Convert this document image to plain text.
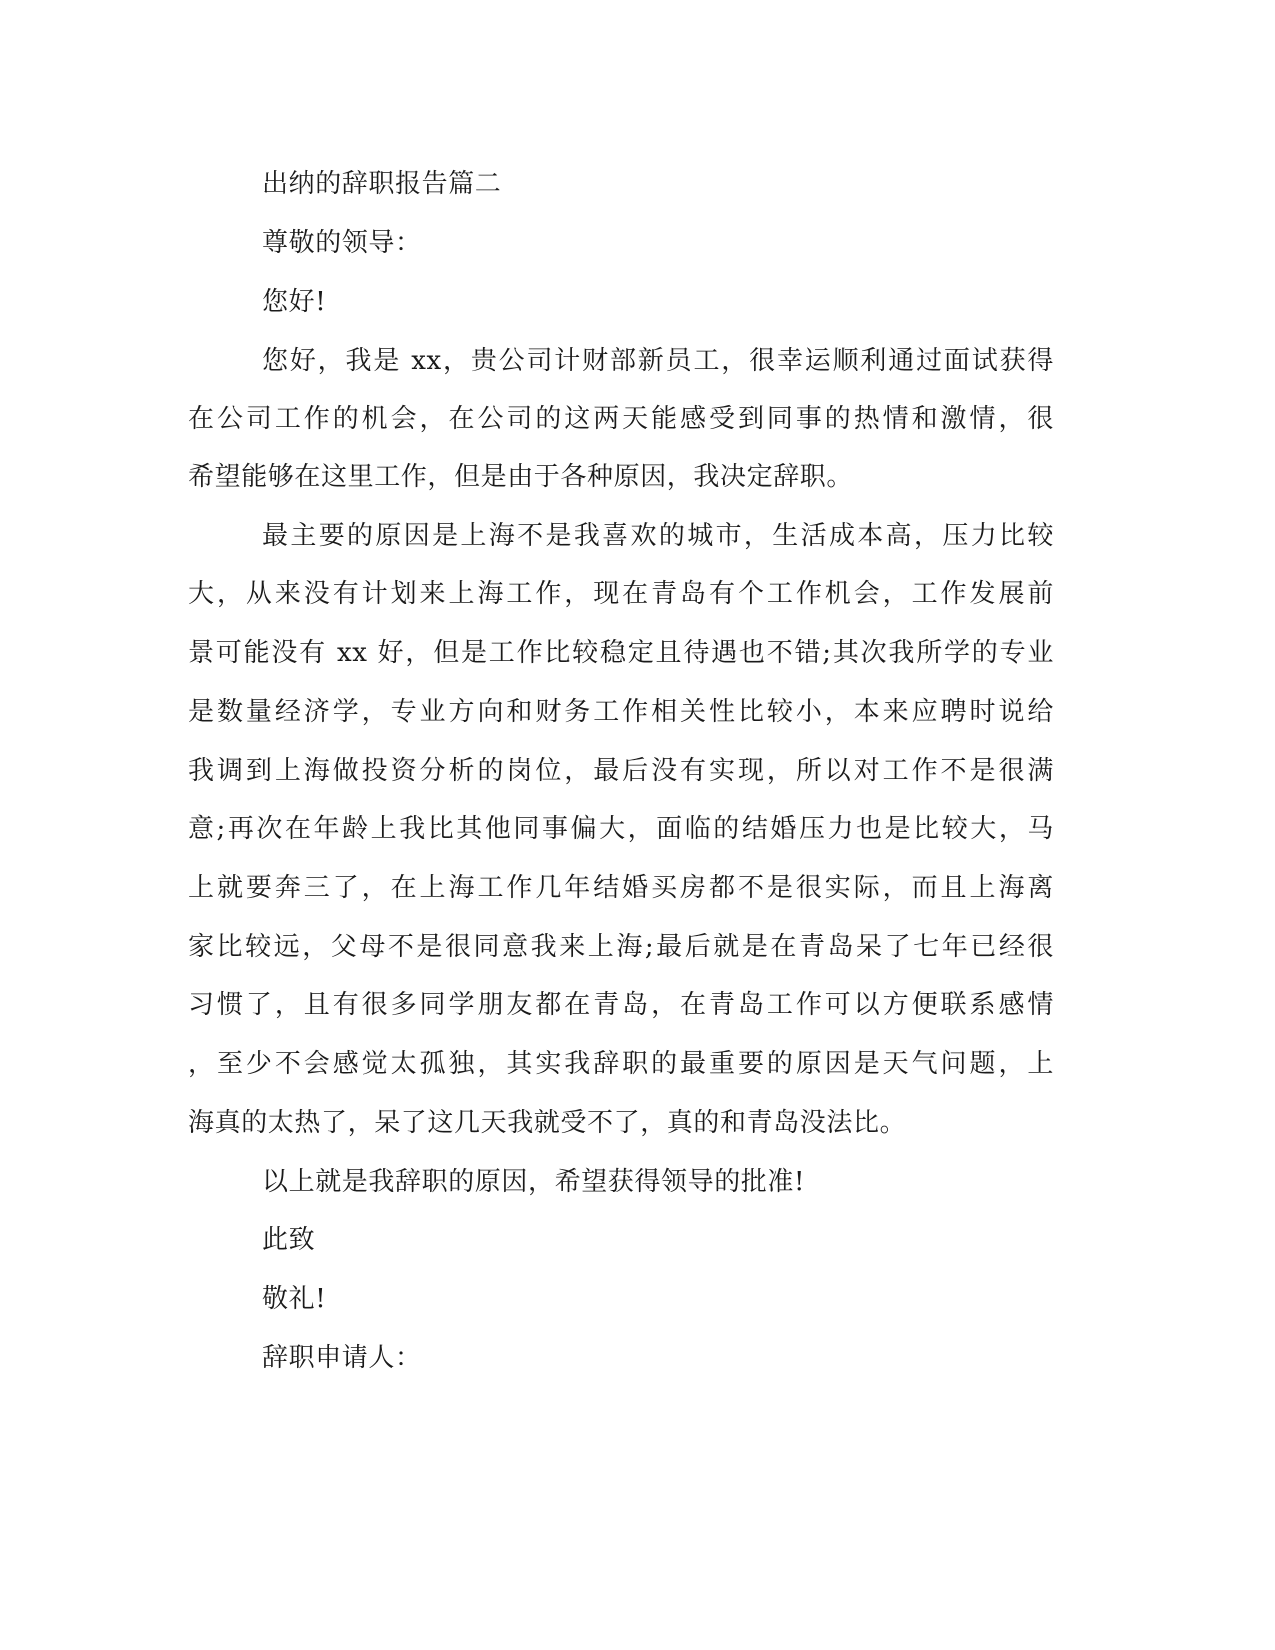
出纳的辞职报告篇二

尊敬的领导：

您好!

您好，我是 xx，贵公司计财部新员工，很幸运顺利通过面试获得

在公司工作的机会，在公司的这两天能感受到同事的热情和激情，很

希望能够在这里工作，但是由于各种原因，我决定辞职。

最主要的原因是上海不是我喜欢的城市，生活成本高，压力比较

大，从来没有计划来上海工作，现在青岛有个工作机会，工作发展前

景可能没有 xx 好，但是工作比较稳定且待遇也不错;其次我所学的专业

是数量经济学，专业方向和财务工作相关性比较小，本来应聘时说给

我调到上海做投资分析的岗位，最后没有实现，所以对工作不是很满

意;再次在年龄上我比其他同事偏大，面临的结婚压力也是比较大，马

上就要奔三了，在上海工作几年结婚买房都不是很实际，而且上海离

家比较远，父母不是很同意我来上海;最后就是在青岛呆了七年已经很

习惯了，且有很多同学朋友都在青岛，在青岛工作可以方便联系感情

，至少不会感觉太孤独，其实我辞职的最重要的原因是天气问题，上

海真的太热了，呆了这几天我就受不了，真的和青岛没法比。

以上就是我辞职的原因，希望获得领导的批准!

此致

敬礼!

辞职申请人：
